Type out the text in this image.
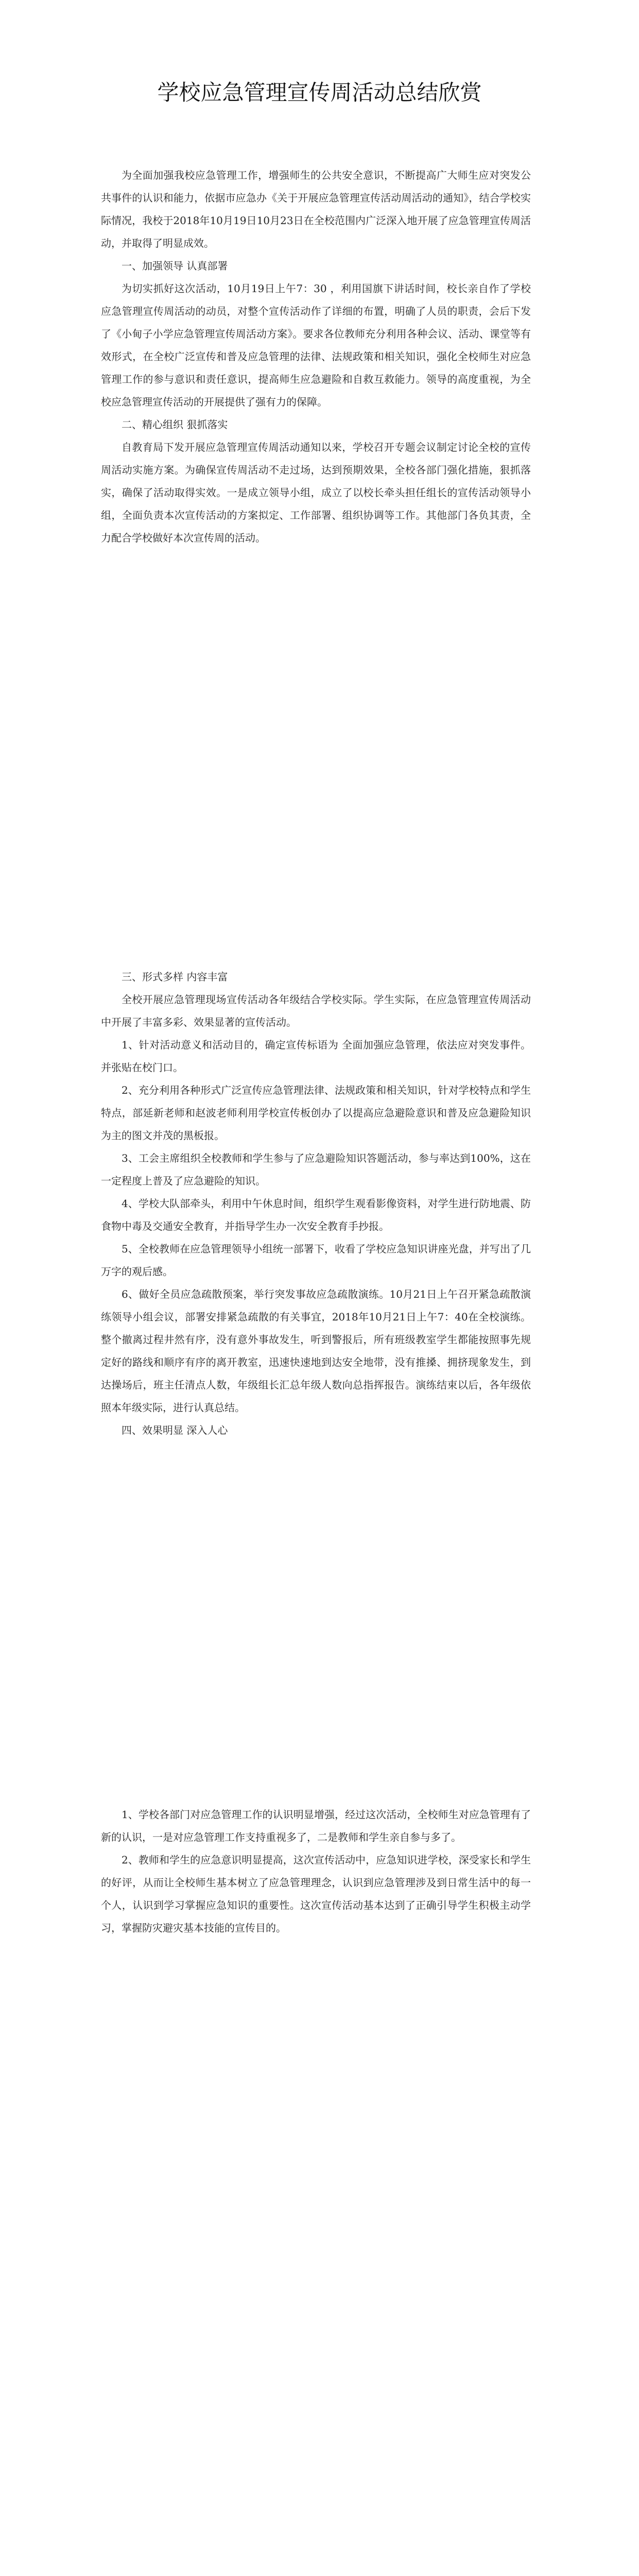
学校应急管理宣传周活动总结欣赏

为全面加强我校应急管理工作，增强师生的公共安全意识，不断提高广大师生应对突发公共事件的认识和能力，依据市应急办《关于开展应急管理宣传活动周活动的通知》，结合学校实际情况，我校于2018年10月19日10月23日在全校范围内广泛深入地开展了应急管理宣传周活动，并取得了明显成效。

一、加强领导 认真部署

为切实抓好这次活动，10月19日上午7：30 ，利用国旗下讲话时间，校长亲自作了学校应急管理宣传周活动的动员，对整个宣传活动作了详细的布置，明确了人员的职责，会后下发了《小甸子小学应急管理宣传周活动方案》。要求各位教师充分利用各种会议、活动、课堂等有效形式，在全校广泛宣传和普及应急管理的法律、法规政策和相关知识，强化全校师生对应急管理工作的参与意识和责任意识，提高师生应急避险和自救互救能力。领导的高度重视，为全校应急管理宣传活动的开展提供了强有力的保障。

二、精心组织 狠抓落实

自教育局下发开展应急管理宣传周活动通知以来，学校召开专题会议制定讨论全校的宣传周活动实施方案。为确保宣传周活动不走过场，达到预期效果，全校各部门强化措施，狠抓落实，确保了活动取得实效。一是成立领导小组，成立了以校长牵头担任组长的宣传活动领导小组，全面负责本次宣传活动的方案拟定、工作部署、组织协调等工作。其他部门各负其责，全力配合学校做好本次宣传周的活动。

三、形式多样 内容丰富

全校开展应急管理现场宣传活动各年级结合学校实际。学生实际，在应急管理宣传周活动中开展了丰富多彩、效果显著的宣传活动。

1、针对活动意义和活动目的，确定宣传标语为 全面加强应急管理，依法应对突发事件。并张贴在校门口。

2、充分利用各种形式广泛宣传应急管理法律、法规政策和相关知识，针对学校特点和学生特点，部延新老师和赵波老师利用学校宣传板创办了以提高应急避险意识和普及应急避险知识为主的图文并茂的黑板报。

3、工会主席组织全校教师和学生参与了应急避险知识答题活动，参与率达到100%，这在一定程度上普及了应急避险的知识。

4、学校大队部牵头，利用中午休息时间，组织学生观看影像资料，对学生进行防地震、防食物中毒及交通安全教育，并指导学生办一次安全教育手抄报。

5、全校教师在应急管理领导小组统一部署下，收看了学校应急知识讲座光盘，并写出了几万字的观后感。

6、做好全员应急疏散预案，举行突发事故应急疏散演练。10月21日上午召开紧急疏散演练领导小组会议，部署安排紧急疏散的有关事宜，2018年10月21日上午7：40在全校演练。整个撤离过程井然有序，没有意外事故发生，听到警报后，所有班级教室学生都能按照事先规定好的路线和顺序有序的离开教室，迅速快速地到达安全地带，没有推搡、拥挤现象发生，到达操场后，班主任清点人数，年级组长汇总年级人数向总指挥报告。演练结束以后，各年级依照本年级实际，进行认真总结。

四、效果明显 深入人心

1、学校各部门对应急管理工作的认识明显增强，经过这次活动，全校师生对应急管理有了新的认识，一是对应急管理工作支持重视多了，二是教师和学生亲自参与多了。

2、教师和学生的应急意识明显提高，这次宣传活动中，应急知识进学校，深受家长和学生的好评，从而让全校师生基本树立了应急管理理念，认识到应急管理涉及到日常生活中的每一个人，认识到学习掌握应急知识的重要性。这次宣传活动基本达到了正确引导学生积极主动学习，掌握防灾避灾基本技能的宣传目的。
